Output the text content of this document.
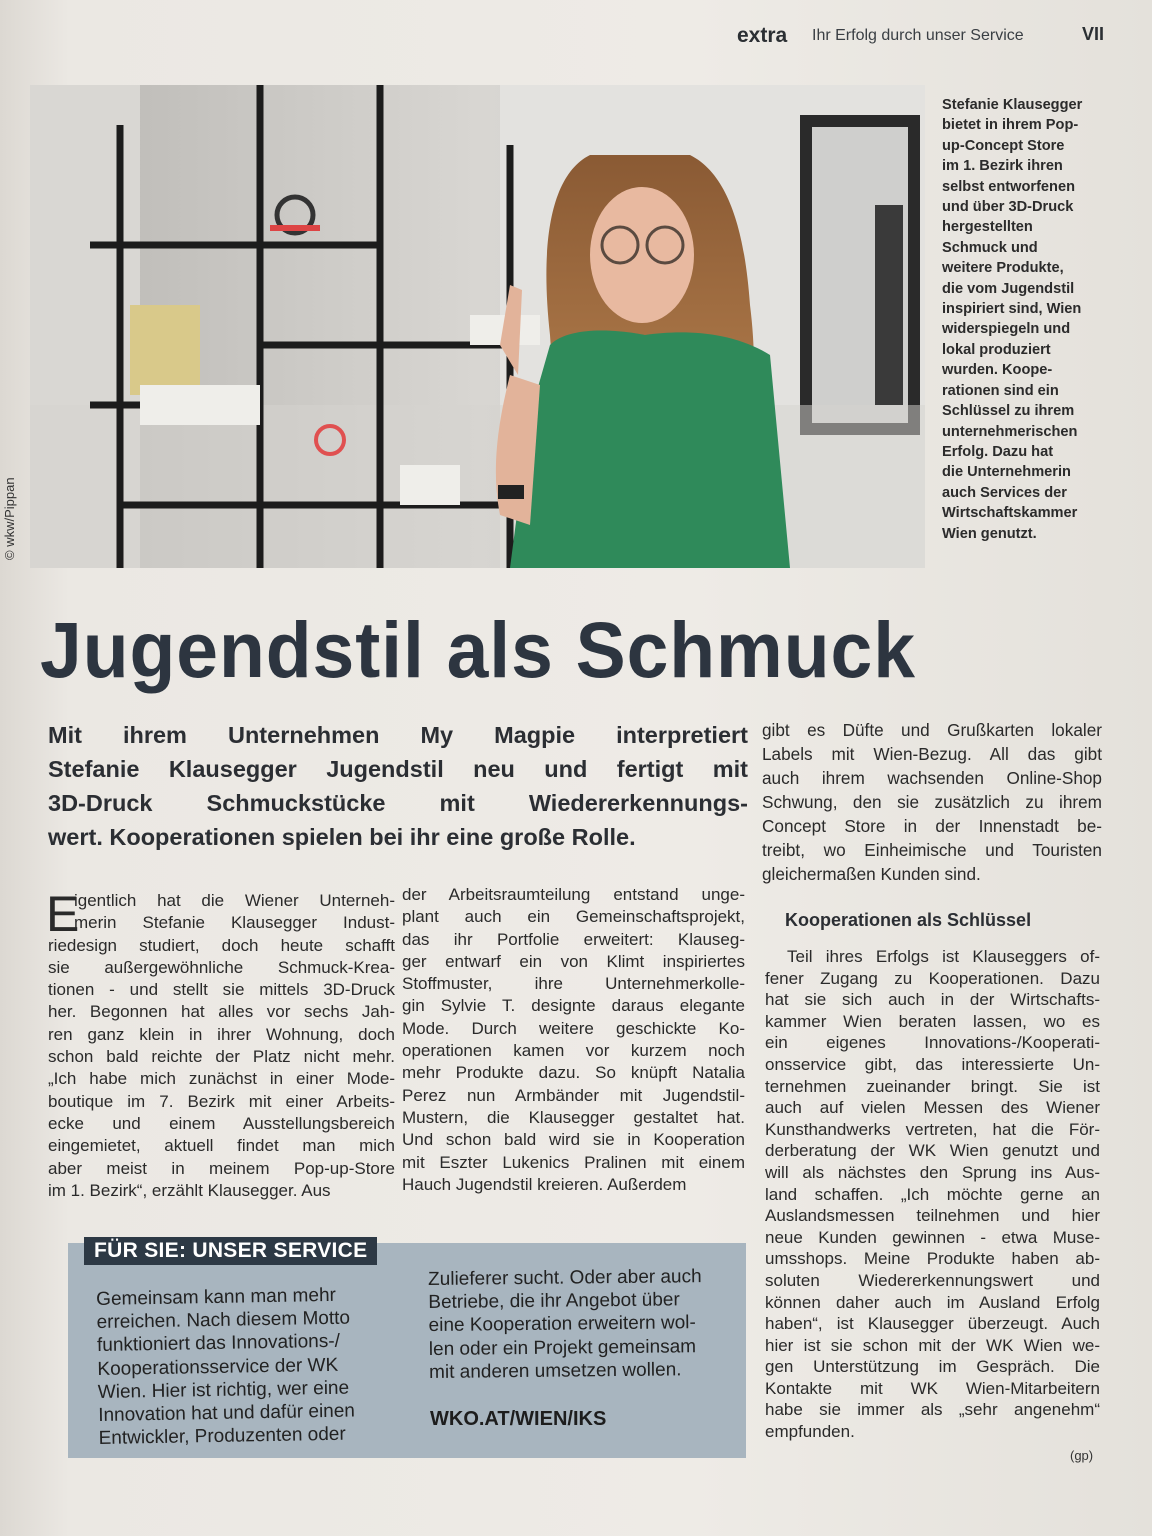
extra Ihr Erfolg durch unser Service	VII
© wkw/Pippan
Stefanie Klausegger
bietet in ihrem Pop-
up-Concept Store
im 1. Bezirk ihren
selbst entworfenen
und über 3D-Druck
hergestellten
Schmuck und
weitere Produkte,
die vom Jugendstil
inspiriert sind, Wien
widerspiegeln und
lokal produziert
wurden. Koope-
rationen sind ein
Schlüssel zu ihrem
unternehmerischen
Erfolg. Dazu hat
die Unternehmerin
auch Services der
Wirtschaftskammer
Wien genutzt.
Jugendstil als Schmuck
Mit ihrem Unternehmen My Magpie interpretiert
Stefanie Klausegger Jugendstil neu und fertigt mit
3D-Druck Schmuckstücke mit Wiedererkennungs-
wert. Kooperationen spielen bei ihr eine große Rolle.
E
igentlich hat die Wiener Unterneh-
merin Stefanie Klausegger Indust-
riedesign studiert, doch heute schafft
sie außergewöhnliche Schmuck-Krea-
tionen - und stellt sie mittels 3D-Druck
her. Begonnen hat alles vor sechs Jah-
ren ganz klein in ihrer Wohnung, doch
schon bald reichte der Platz nicht mehr.
„Ich habe mich zunächst in einer Mode-
boutique im 7. Bezirk mit einer Arbeits-
ecke und einem Ausstellungsbereich
eingemietet, aktuell findet man mich
aber meist in meinem Pop-up-Store
im 1. Bezirk“, erzählt Klausegger. Aus
der Arbeitsraumteilung entstand unge-
plant auch ein Gemeinschaftsprojekt,
das ihr Portfolie erweitert: Klauseg-
ger entwarf ein von Klimt inspiriertes
Stoffmuster, ihre Unternehmerkolle-
gin Sylvie T. designte daraus elegante
Mode. Durch weitere geschickte Ko-
operationen kamen vor kurzem noch
mehr Produkte dazu. So knüpft Natalia
Perez nun Armbänder mit Jugendstil-
Mustern, die Klausegger gestaltet hat.
Und schon bald wird sie in Kooperation
mit Eszter Lukenics Pralinen mit einem
Hauch Jugendstil kreieren. Außerdem
gibt es Düfte und Grußkarten lokaler
Labels mit Wien-Bezug. All das gibt
auch ihrem wachsenden Online-Shop
Schwung, den sie zusätzlich zu ihrem
Concept Store in der Innenstadt be-
treibt, wo Einheimische und Touristen
gleichermaßen Kunden sind.
Kooperationen als Schlüssel
Teil ihres Erfolgs ist Klauseggers of-
fener Zugang zu Kooperationen. Dazu
hat sie sich auch in der Wirtschafts-
kammer Wien beraten lassen, wo es
ein eigenes Innovations-/Kooperati-
onsservice gibt, das interessierte Un-
ternehmen zueinander bringt. Sie ist
auch auf vielen Messen des Wiener
Kunsthandwerks vertreten, hat die För-
derberatung der WK Wien genutzt und
will als nächstes den Sprung ins Aus-
land schaffen. „Ich möchte gerne an
Auslandsmessen teilnehmen und hier
neue Kunden gewinnen - etwa Muse-
umsshops. Meine Produkte haben ab-
soluten Wiedererkennungswert und
können daher auch im Ausland Erfolg
haben“, ist Klausegger überzeugt. Auch
hier ist sie schon mit der WK Wien we-
gen Unterstützung im Gespräch. Die
Kontakte mit WK Wien-Mitarbeitern
habe sie immer als „sehr angenehm“
empfunden.
(gp)
FÜR SIE: UNSER SERVICE
Gemeinsam kann man mehr
erreichen. Nach diesem Motto
funktioniert das Innovations-/
Kooperationsservice der WK
Wien. Hier ist richtig, wer eine
Innovation hat und dafür einen
Entwickler, Produzenten oder
Zulieferer sucht. Oder aber auch
Betriebe, die ihr Angebot über
eine Kooperation erweitern wol-
len oder ein Projekt gemeinsam
mit anderen umsetzen wollen.
WKO.AT/WIEN/IKS
